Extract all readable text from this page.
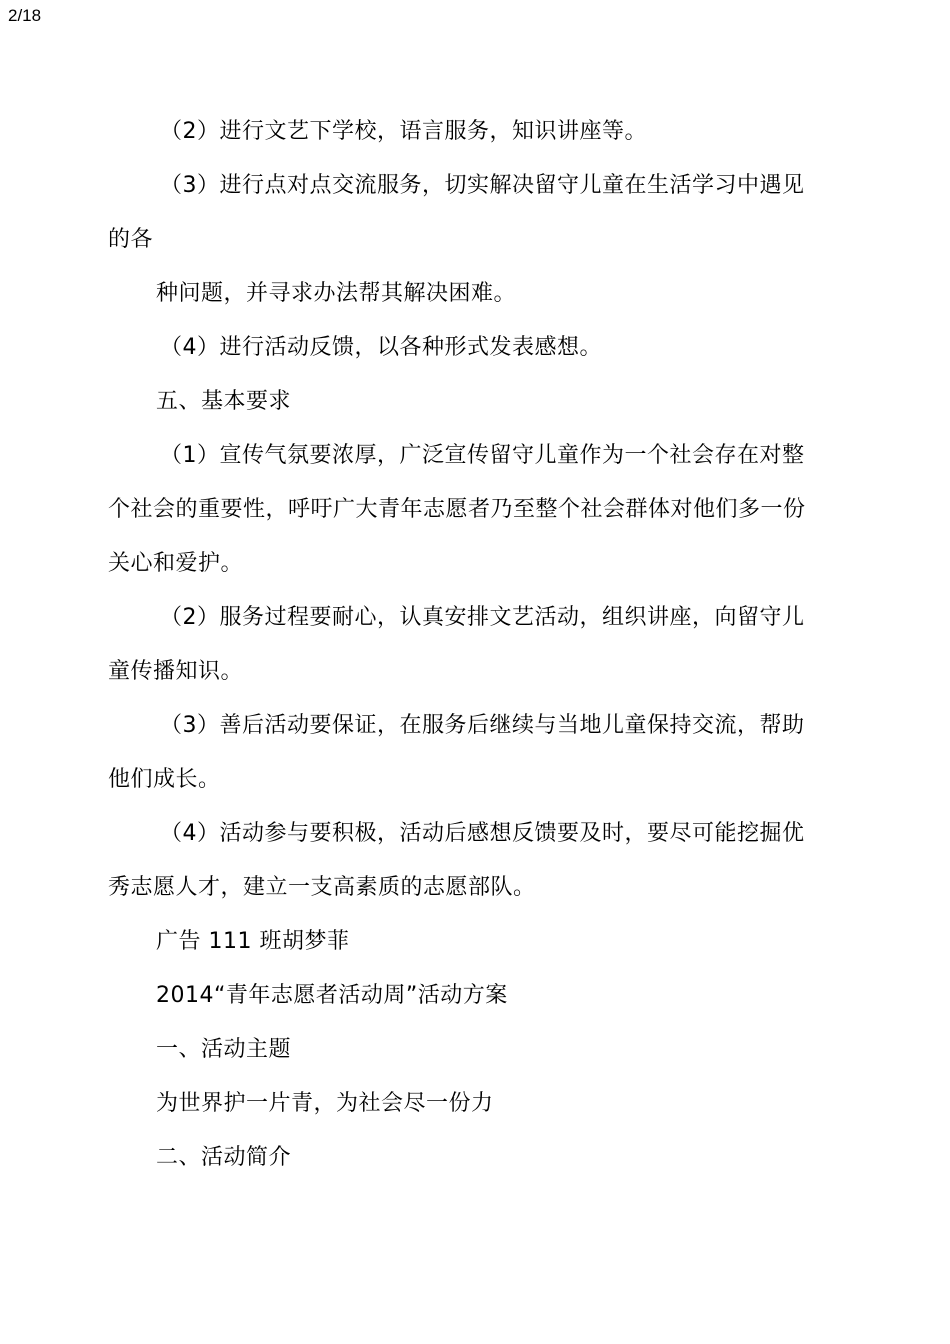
2/18
（2）进行文艺下学校，语言服务，知识讲座等。
（3）进行点对点交流服务，切实解决留守儿童在生活学习中遇见
的各
种问题，并寻求办法帮其解决困难。
（4）进行活动反馈，以各种形式发表感想。
五、基本要求
（1）宣传气氛要浓厚，广泛宣传留守儿童作为一个社会存在对整
个社会的重要性，呼吁广大青年志愿者乃至整个社会群体对他们多一份
关心和爱护。
（2）服务过程要耐心，认真安排文艺活动，组织讲座，向留守儿
童传播知识。
（3）善后活动要保证，在服务后继续与当地儿童保持交流，帮助
他们成长。
（4）活动参与要积极，活动后感想反馈要及时，要尽可能挖掘优
秀志愿人才，建立一支高素质的志愿部队。
广告 111 班胡梦菲
2014“青年志愿者活动周”活动方案
一、活动主题
为世界护一片青，为社会尽一份力
二、活动简介
